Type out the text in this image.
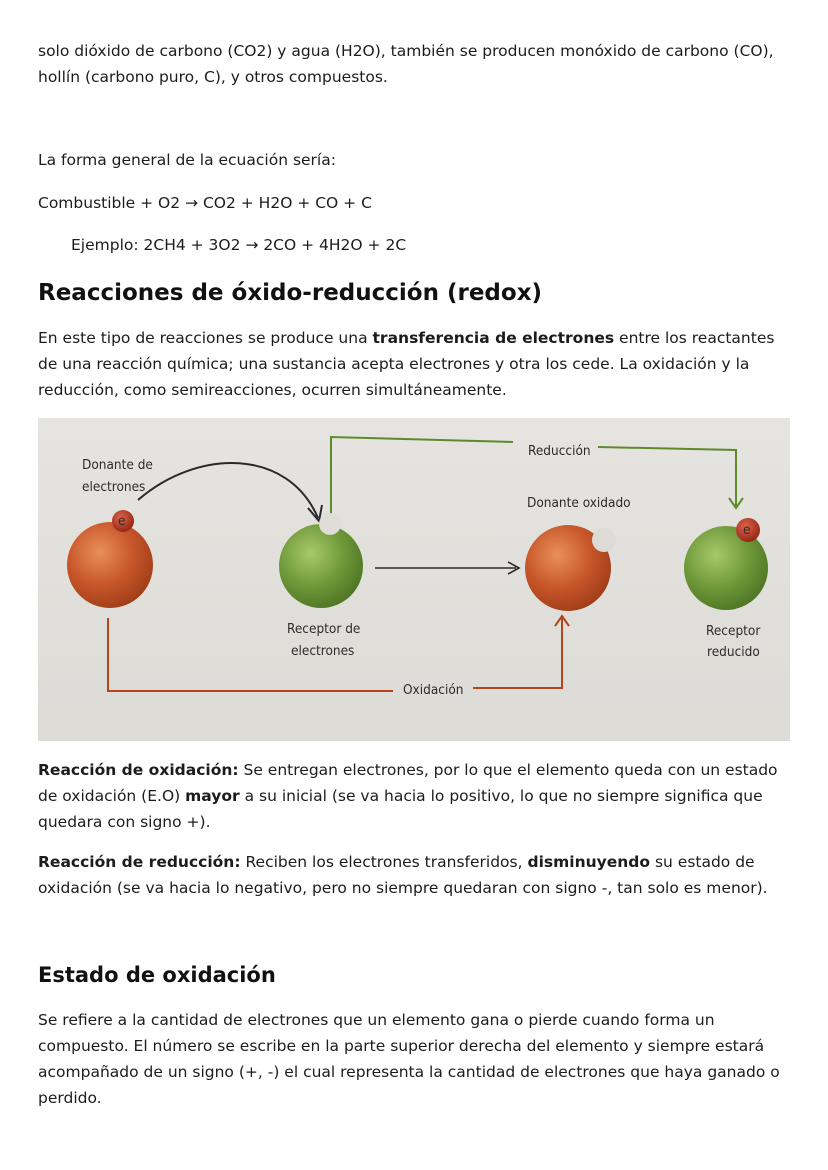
solo dióxido de carbono (CO2) y agua (H2O), también se producen monóxido de carbono (CO),
hollín (carbono puro, C), y otros compuestos.

La forma general de la ecuación sería:

Combustible + O2 → CO2 + H2O + CO + C

Ejemplo: 2CH4 + 3O2 → 2CO + 4H2O + 2C

Reacciones de óxido-reducción (redox)

En este tipo de reacciones se produce una transferencia de electrones entre los reactantes de una reacción química; una sustancia acepta electrones y otra los cede. La oxidación y la reducción, como semireacciones, ocurren simultáneamente.

Reacción de oxidación: Se entregan electrones, por lo que el elemento queda con un estado de oxidación (E.O) mayor a su inicial (se va hacia lo positivo, lo que no siempre significa que quedara con signo +).

Reacción de reducción: Reciben los electrones transferidos, disminuyendo su estado de oxidación (se va hacia lo negativo, pero no siempre quedaran con signo -, tan solo es menor).

Estado de oxidación

Se refiere a la cantidad de electrones que un elemento gana o pierde cuando forma un compuesto. El número se escribe en la parte superior derecha del elemento y siempre estará acompañado de un signo (+, -) el cual representa la cantidad de electrones que haya ganado o perdido.

e
e
Donante de
electrones
Reducción
Donante oxidado
Receptor de
electrones
Receptor
reducido
Oxidación
